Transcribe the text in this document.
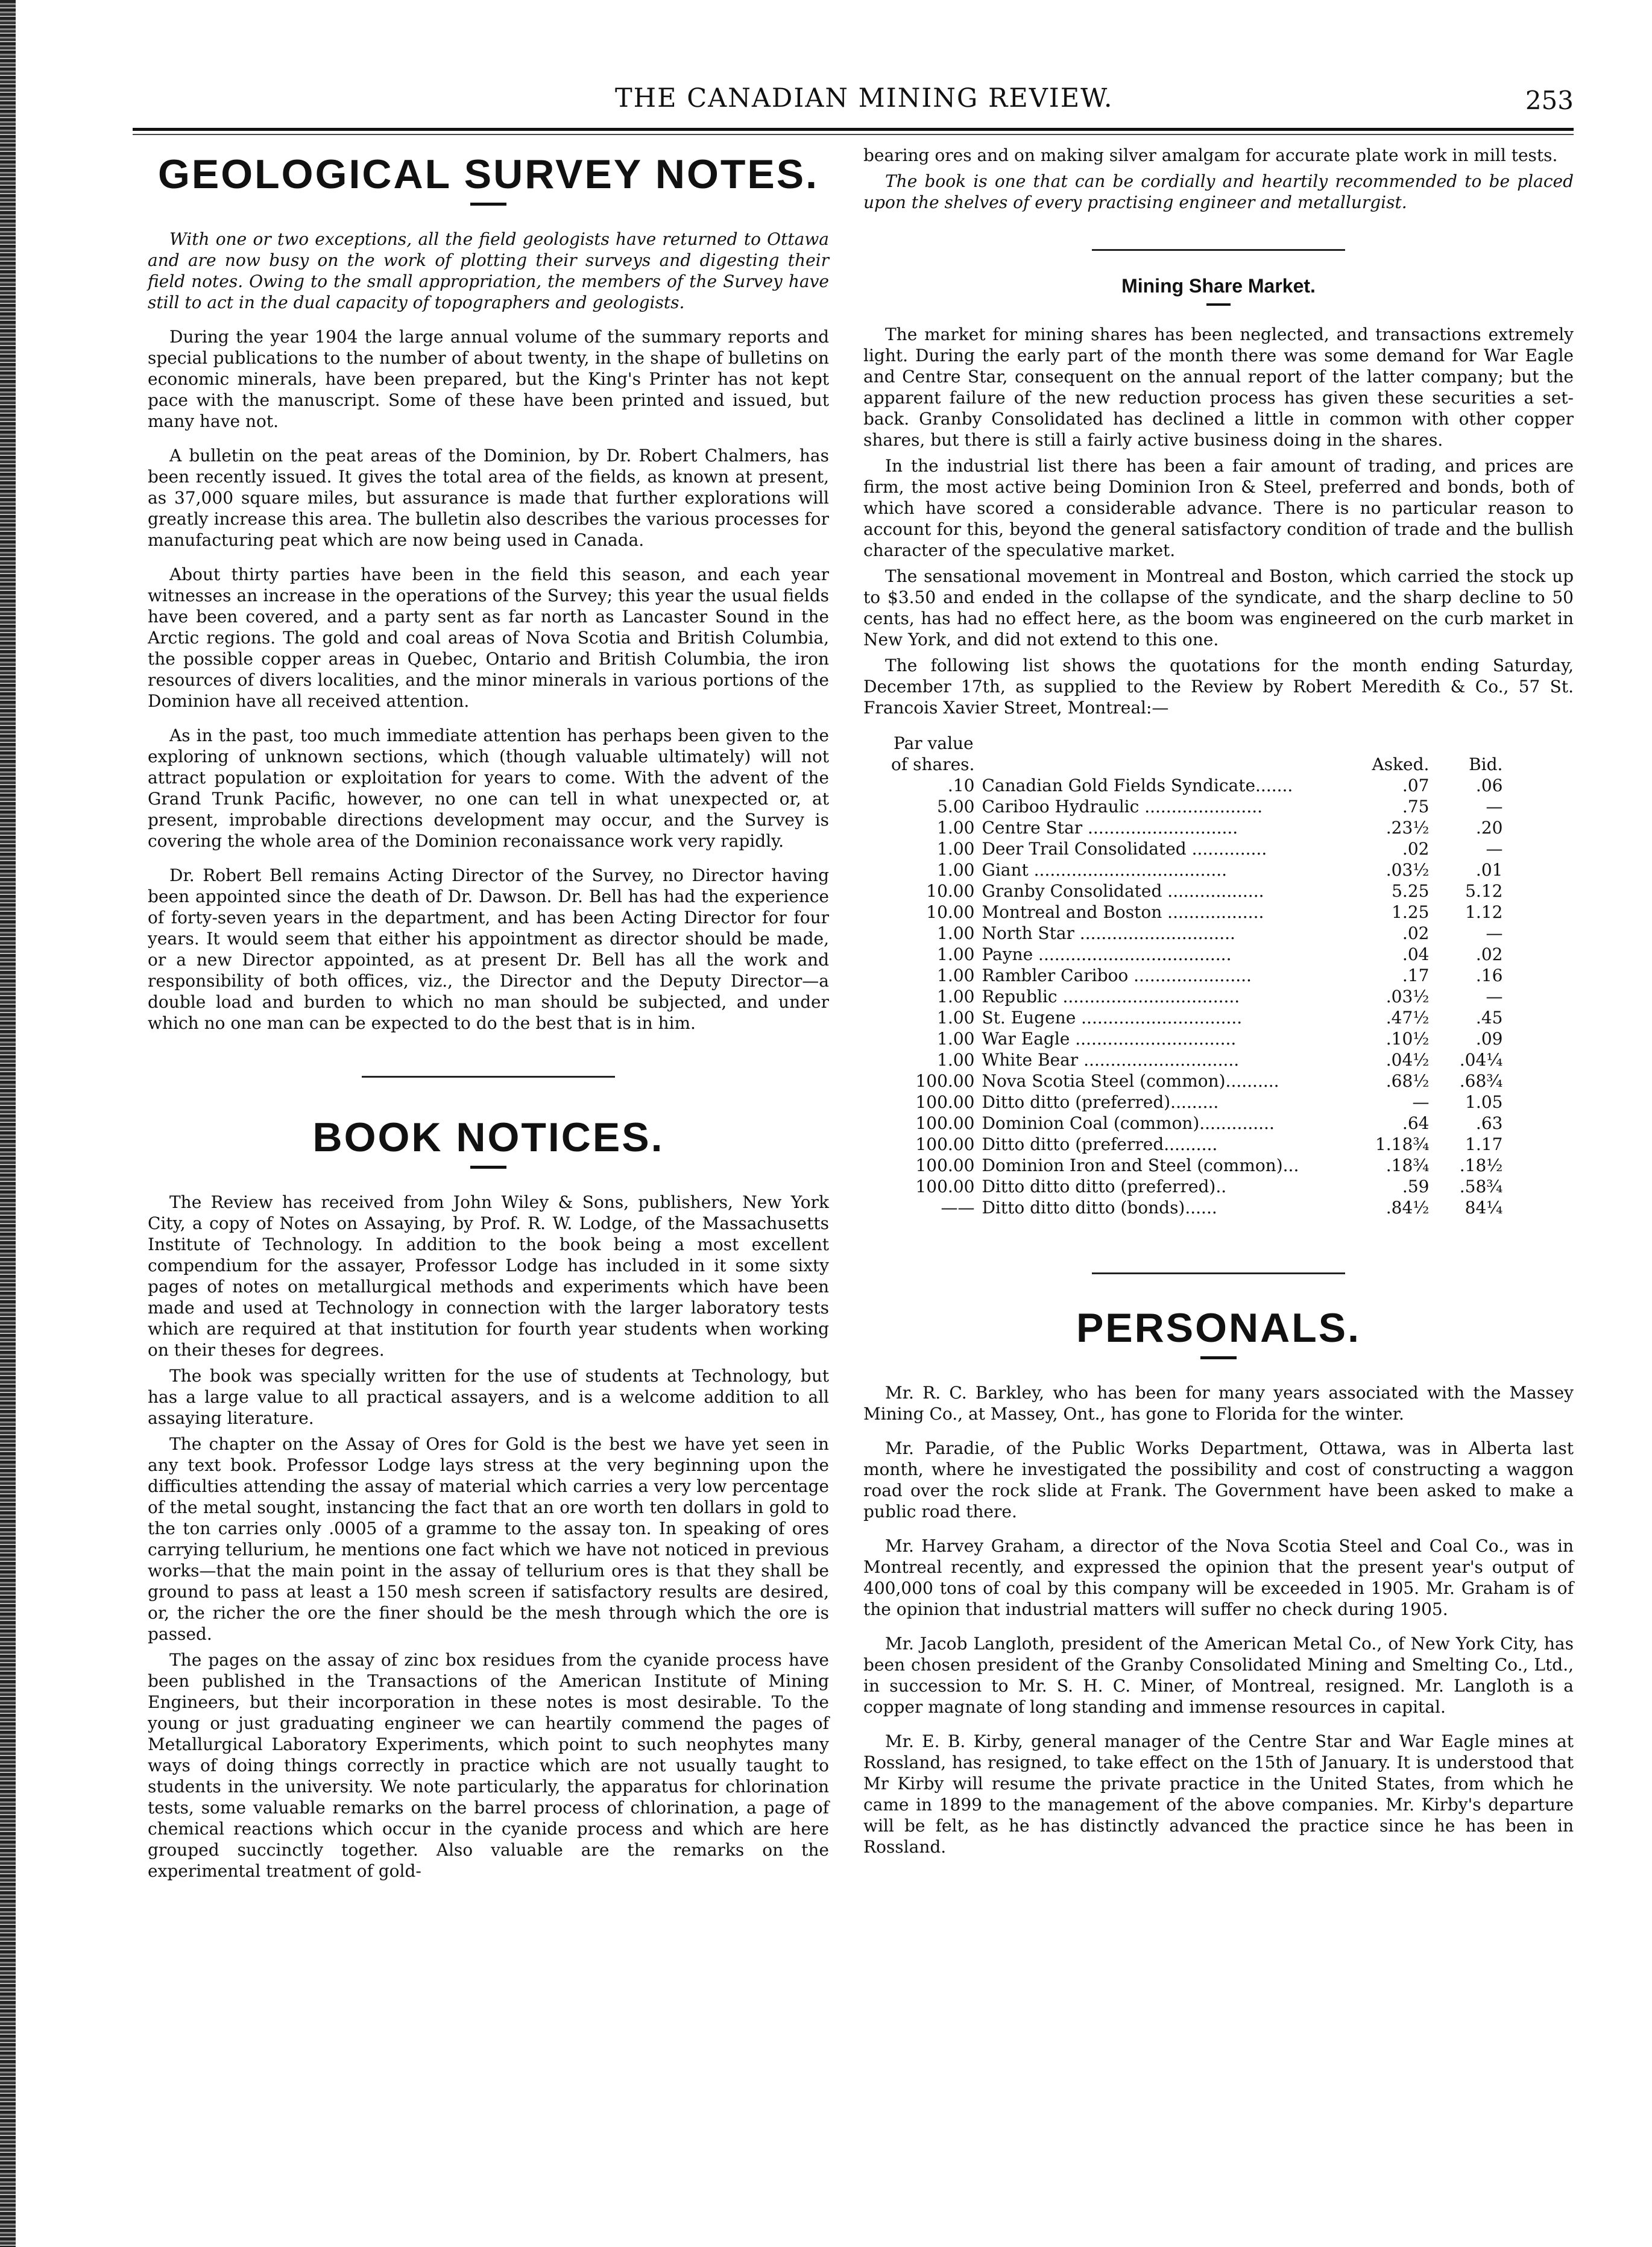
THE CANADIAN MINING REVIEW.	253
GEOLOGICAL SURVEY NOTES.

With one or two exceptions, all the field geologists have returned to Ottawa and are now busy on the work of plotting their surveys and digesting their field notes. Owing to the small appropriation, the members of the Survey have still to act in the dual capacity of topographers and geologists.

During the year 1904 the large annual volume of the summary reports and special publications to the number of about twenty, in the shape of bulletins on economic minerals, have been prepared, but the King's Printer has not kept pace with the manuscript. Some of these have been printed and issued, but many have not.

A bulletin on the peat areas of the Dominion, by Dr. Robert Chalmers, has been recently issued. It gives the total area of the fields, as known at present, as 37,000 square miles, but assurance is made that further explorations will greatly increase this area. The bulletin also describes the various processes for manufacturing peat which are now being used in Canada.

About thirty parties have been in the field this season, and each year witnesses an increase in the operations of the Survey; this year the usual fields have been covered, and a party sent as far north as Lancaster Sound in the Arctic regions. The gold and coal areas of Nova Scotia and British Columbia, the possible copper areas in Quebec, Ontario and British Columbia, the iron resources of divers localities, and the minor minerals in various portions of the Dominion have all received attention.

As in the past, too much immediate attention has perhaps been given to the exploring of unknown sections, which (though valuable ultimately) will not attract population or exploitation for years to come. With the advent of the Grand Trunk Pacific, however, no one can tell in what unexpected or, at present, improbable directions development may occur, and the Survey is covering the whole area of the Dominion reconaissance work very rapidly.

Dr. Robert Bell remains Acting Director of the Survey, no Director having been appointed since the death of Dr. Dawson. Dr. Bell has had the experience of forty-seven years in the department, and has been Acting Director for four years. It would seem that either his appointment as director should be made, or a new Director appointed, as at present Dr. Bell has all the work and responsibility of both offices, viz., the Director and the Deputy Director—a double load and burden to which no man should be subjected, and under which no one man can be expected to do the best that is in him.

BOOK NOTICES.

The Review has received from John Wiley & Sons, publishers, New York City, a copy of Notes on Assaying, by Prof. R. W. Lodge, of the Massachusetts Institute of Technology. In addition to the book being a most excellent compendium for the assayer, Professor Lodge has included in it some sixty pages of notes on metallurgical methods and experiments which have been made and used at Technology in connection with the larger laboratory tests which are required at that institution for fourth year students when working on their theses for degrees.

The book was specially written for the use of students at Technology, but has a large value to all practical assayers, and is a welcome addition to all assaying literature.

The chapter on the Assay of Ores for Gold is the best we have yet seen in any text book. Professor Lodge lays stress at the very beginning upon the difficulties attending the assay of material which carries a very low percentage of the metal sought, instancing the fact that an ore worth ten dollars in gold to the ton carries only .0005 of a gramme to the assay ton. In speaking of ores carrying tellurium, he mentions one fact which we have not noticed in previous works—that the main point in the assay of tellurium ores is that they shall be ground to pass at least a 150 mesh screen if satisfactory results are desired, or, the richer the ore the finer should be the mesh through which the ore is passed.

The pages on the assay of zinc box residues from the cyanide process have been published in the Transactions of the American Institute of Mining Engineers, but their incorporation in these notes is most desirable. To the young or just graduating engineer we can heartily commend the pages of Metallurgical Laboratory Experiments, which point to such neophytes many ways of doing things correctly in practice which are not usually taught to students in the university. We note particularly, the apparatus for chlorination tests, some valuable remarks on the barrel process of chlorination, a page of chemical reactions which occur in the cyanide process and which are here grouped succinctly together. Also valuable are the remarks on the experimental treatment of gold-

bearing ores and on making silver amalgam for accurate plate work in mill tests.

The book is one that can be cordially and heartily recommended to be placed upon the shelves of every practising engineer and metallurgist.

Mining Share Market.

The market for mining shares has been neglected, and transactions extremely light. During the early part of the month there was some demand for War Eagle and Centre Star, consequent on the annual report of the latter company; but the apparent failure of the new reduction process has given these securities a set-back. Granby Consolidated has declined a little in common with other copper shares, but there is still a fairly active business doing in the shares.

In the industrial list there has been a fair amount of trading, and prices are firm, the most active being Dominion Iron & Steel, preferred and bonds, both of which have scored a considerable advance. There is no particular reason to account for this, beyond the general satisfactory condition of trade and the bullish character of the speculative market.

The sensational movement in Montreal and Boston, which carried the stock up to $3.50 and ended in the collapse of the syndicate, and the sharp decline to 50 cents, has had no effect here, as the boom was engineered on the curb market in New York, and did not extend to this one.

The following list shows the quotations for the month ending Saturday, December 17th, as supplied to the Review by Robert Meredith & Co., 57 St. Francois Xavier Street, Montreal:—

Par value
of shares.		Asked.	Bid.
.10	Canadian Gold Fields Syndicate.......	.07	.06
5.00	Cariboo Hydraulic ......................	.75	—
1.00	Centre Star ............................	.23½	.20
1.00	Deer Trail Consolidated ..............	.02	—
1.00	Giant ....................................	.03½	.01
10.00	Granby Consolidated ..................	5.25	5.12
10.00	Montreal and Boston ..................	1.25	1.12
1.00	North Star .............................	.02	—
1.00	Payne ....................................	.04	.02
1.00	Rambler Cariboo ......................	.17	.16
1.00	Republic .................................	.03½	—
1.00	St. Eugene ..............................	.47½	.45
1.00	War Eagle ..............................	.10½	.09
1.00	White Bear .............................	.04½	.04¼
100.00	Nova Scotia Steel (common)..........	.68½	.68¾
100.00	Ditto ditto (preferred).........	—	1.05
100.00	Dominion Coal (common)..............	.64	.63
100.00	Ditto ditto (preferred..........	1.18¾	1.17
100.00	Dominion Iron and Steel (common)...	.18¾	.18½
100.00	Ditto ditto ditto (preferred)..	.59	.58¾
——	Ditto ditto ditto (bonds)......	.84½	84¼
PERSONALS.

Mr. R. C. Barkley, who has been for many years associated with the Massey Mining Co., at Massey, Ont., has gone to Florida for the winter.

Mr. Paradie, of the Public Works Department, Ottawa, was in Alberta last month, where he investigated the possibility and cost of constructing a waggon road over the rock slide at Frank. The Government have been asked to make a public road there.

Mr. Harvey Graham, a director of the Nova Scotia Steel and Coal Co., was in Montreal recently, and expressed the opinion that the present year's output of 400,000 tons of coal by this company will be exceeded in 1905. Mr. Graham is of the opinion that industrial matters will suffer no check during 1905.

Mr. Jacob Langloth, president of the American Metal Co., of New York City, has been chosen president of the Granby Consolidated Mining and Smelting Co., Ltd., in succession to Mr. S. H. C. Miner, of Montreal, resigned. Mr. Langloth is a copper magnate of long standing and immense resources in capital.

Mr. E. B. Kirby, general manager of the Centre Star and War Eagle mines at Rossland, has resigned, to take effect on the 15th of January. It is understood that Mr Kirby will resume the private practice in the United States, from which he came in 1899 to the management of the above companies. Mr. Kirby's departure will be felt, as he has distinctly advanced the practice since he has been in Rossland.
